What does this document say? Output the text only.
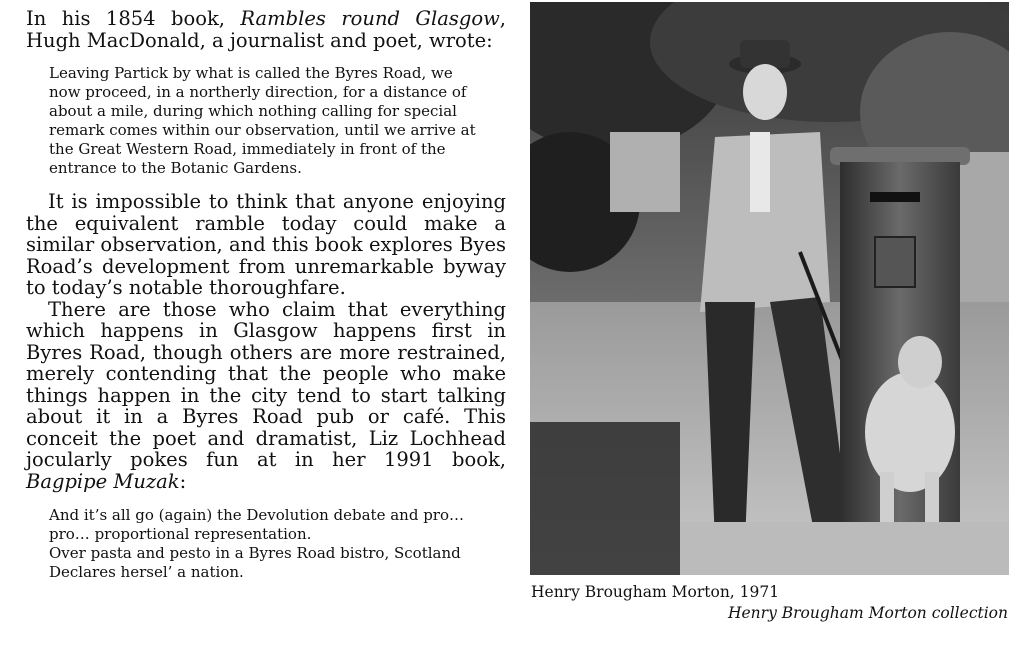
In his 1854 book, Rambles round Glasgow, Hugh MacDonald, a journalist and poet, wrote:

Leaving Partick by what is called the Byres Road, we now proceed, in a northerly direction, for a distance of about a mile, during which nothing calling for special remark comes within our observation, until we arrive at the Great Western Road, immediately in front of the entrance to the Botanic Gardens.

It is impossible to think that anyone enjoying the equivalent ramble today could make a similar observation, and this book explores Byes Road’s development from unremarkable byway to today’s notable thoroughfare.

There are those who claim that everything which happens in Glasgow happens first in Byres Road, though others are more restrained, merely contending that the people who make things happen in the city tend to start talking about it in a Byres Road pub or café. This conceit the poet and dramatist, Liz Lochhead jocularly pokes fun at in her 1991 book, Bagpipe Muzak:

And it’s all go (again) the Devolution debate and pro… pro… proportional representation.
Over pasta and pesto in a Byres Road bistro, Scotland Declares hersel’ a nation.

Henry Brougham Morton, 1971

Henry Brougham Morton collection
